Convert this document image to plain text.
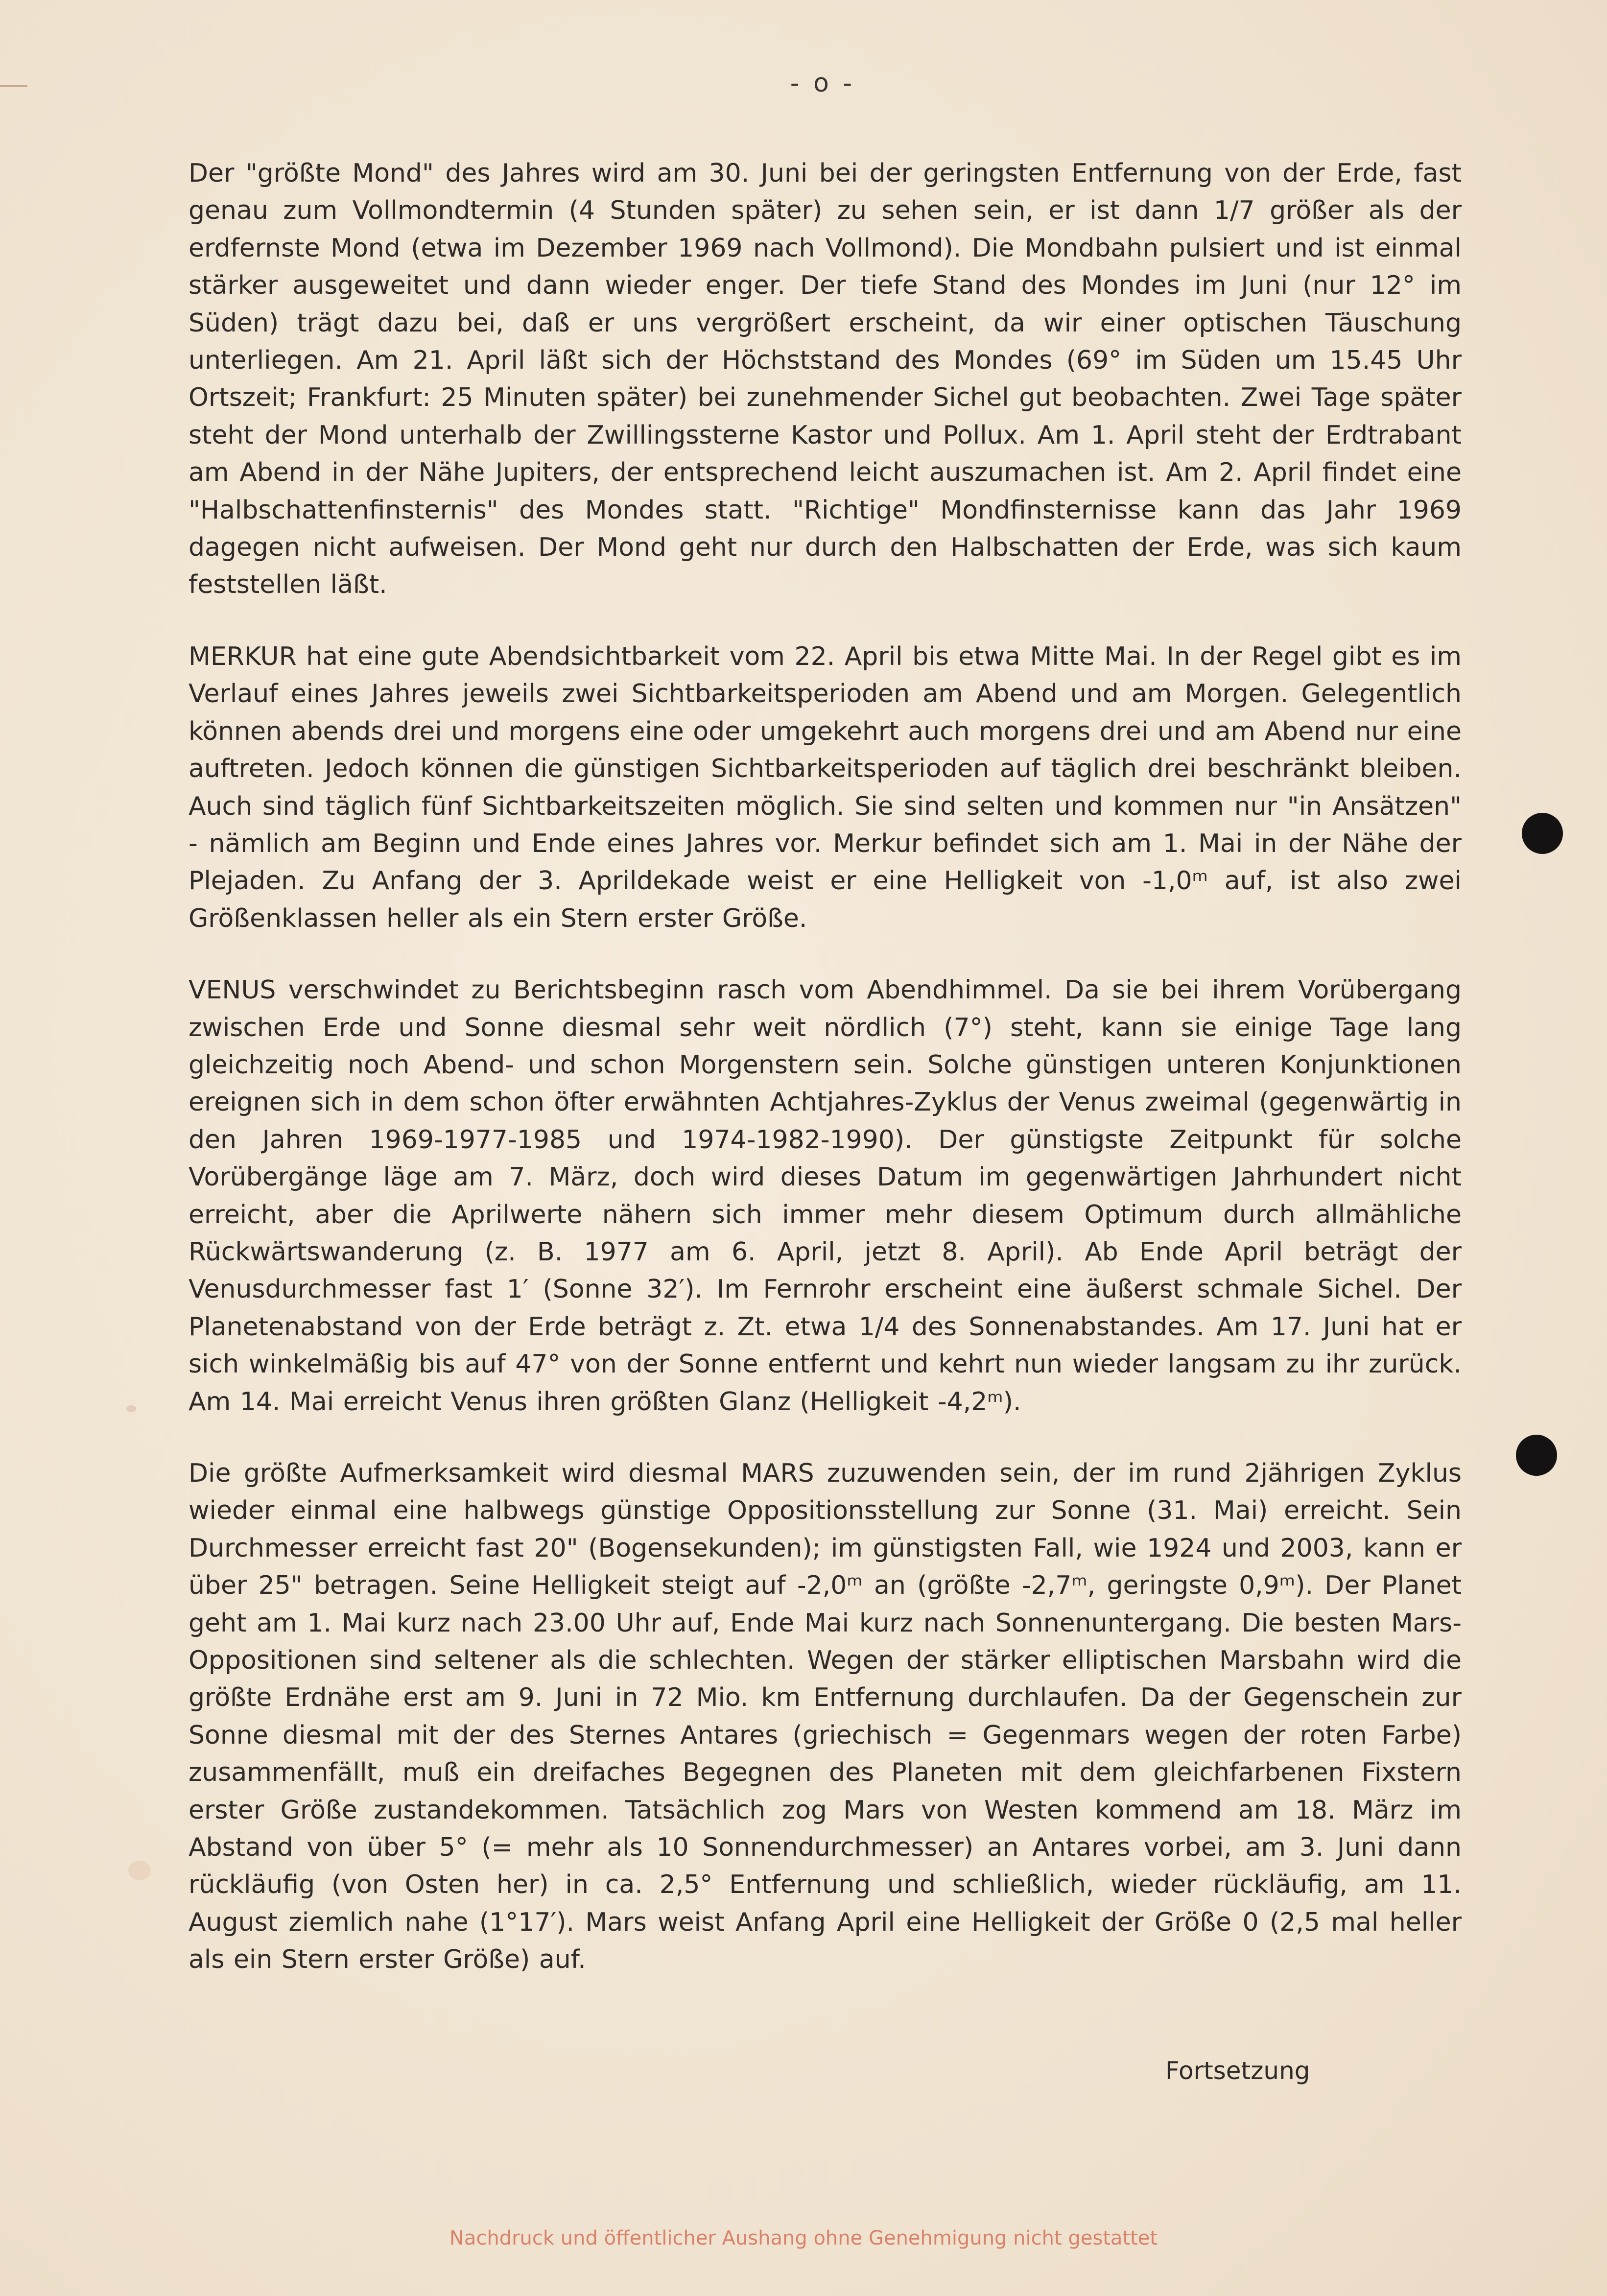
- o -

Der "größte Mond" des Jahres wird am 30. Juni bei der geringsten Entfernung von der Erde, fast genau zum Vollmondtermin (4 Stunden später) zu sehen sein, er ist dann 1/7 größer als der erdfernste Mond (etwa im Dezember 1969 nach Vollmond). Die Mondbahn pulsiert und ist einmal stärker ausgeweitet und dann wieder enger. Der tiefe Stand des Mondes im Juni (nur 12° im Süden) trägt dazu bei, daß er uns vergrößert erscheint, da wir einer optischen Täuschung unterliegen. Am 21. April läßt sich der Höchststand des Mondes (69° im Süden um 15.45 Uhr Ortszeit; Frankfurt: 25 Minuten später) bei zunehmender Sichel gut beobachten. Zwei Tage später steht der Mond unterhalb der Zwillingssterne Kastor und Pollux. Am 1. April steht der Erdtrabant am Abend in der Nähe Jupiters, der entsprechend leicht auszumachen ist. Am 2. April findet eine "Halbschattenfinsternis" des Mondes statt. "Richtige" Mondfinsternisse kann das Jahr 1969 dagegen nicht aufweisen. Der Mond geht nur durch den Halbschatten der Erde, was sich kaum feststellen läßt.

MERKUR hat eine gute Abendsichtbarkeit vom 22. April bis etwa Mitte Mai. In der Regel gibt es im Verlauf eines Jahres jeweils zwei Sichtbarkeitsperioden am Abend und am Morgen. Gelegentlich können abends drei und morgens eine oder umgekehrt auch morgens drei und am Abend nur eine auftreten. Jedoch können die günstigen Sichtbarkeitsperioden auf täglich drei beschränkt bleiben. Auch sind täglich fünf Sichtbarkeitszeiten möglich. Sie sind selten und kommen nur "in Ansätzen" - nämlich am Beginn und Ende eines Jahres vor. Merkur befindet sich am 1. Mai in der Nähe der Plejaden. Zu Anfang der 3. Aprildekade weist er eine Helligkeit von -1,0ᵐ auf, ist also zwei Größenklassen heller als ein Stern erster Größe.

VENUS verschwindet zu Berichtsbeginn rasch vom Abendhimmel. Da sie bei ihrem Vorübergang zwischen Erde und Sonne diesmal sehr weit nördlich (7°) steht, kann sie einige Tage lang gleichzeitig noch Abend- und schon Morgenstern sein. Solche günstigen unteren Konjunktionen ereignen sich in dem schon öfter erwähnten Achtjahres-Zyklus der Venus zweimal (gegenwärtig in den Jahren 1969-1977-1985 und 1974-1982-1990). Der günstigste Zeitpunkt für solche Vorübergänge läge am 7. März, doch wird dieses Datum im gegenwärtigen Jahrhundert nicht erreicht, aber die Aprilwerte nähern sich immer mehr diesem Optimum durch allmähliche Rückwärtswanderung (z. B. 1977 am 6. April, jetzt 8. April). Ab Ende April beträgt der Venusdurchmesser fast 1′ (Sonne 32′). Im Fernrohr erscheint eine äußerst schmale Sichel. Der Planetenabstand von der Erde beträgt z. Zt. etwa 1/4 des Sonnenabstandes. Am 17. Juni hat er sich winkelmäßig bis auf 47° von der Sonne entfernt und kehrt nun wieder langsam zu ihr zurück. Am 14. Mai erreicht Venus ihren größten Glanz (Helligkeit -4,2ᵐ).

Die größte Aufmerksamkeit wird diesmal MARS zuzuwenden sein, der im rund 2jährigen Zyklus wieder einmal eine halbwegs günstige Oppositionsstellung zur Sonne (31. Mai) erreicht. Sein Durchmesser erreicht fast 20" (Bogensekunden); im günstigsten Fall, wie 1924 und 2003, kann er über 25" betragen. Seine Helligkeit steigt auf -2,0ᵐ an (größte -2,7ᵐ, geringste 0,9ᵐ). Der Planet geht am 1. Mai kurz nach 23.00 Uhr auf, Ende Mai kurz nach Sonnenuntergang. Die besten Mars-Oppositionen sind seltener als die schlechten. Wegen der stärker elliptischen Marsbahn wird die größte Erdnähe erst am 9. Juni in 72 Mio. km Entfernung durchlaufen. Da der Gegenschein zur Sonne diesmal mit der des Sternes Antares (griechisch = Gegenmars wegen der roten Farbe) zusammenfällt, muß ein dreifaches Begegnen des Planeten mit dem gleichfarbenen Fixstern erster Größe zustandekommen. Tatsächlich zog Mars von Westen kommend am 18. März im Abstand von über 5° (= mehr als 10 Sonnendurchmesser) an Antares vorbei, am 3. Juni dann rückläufig (von Osten her) in ca. 2,5° Entfernung und schließlich, wieder rückläufig, am 11. August ziemlich nahe (1°17′). Mars weist Anfang April eine Helligkeit der Größe 0 (2,5 mal heller als ein Stern erster Größe) auf.

Fortsetzung
Nachdruck und öffentlicher Aushang ohne Genehmigung nicht gestattet
